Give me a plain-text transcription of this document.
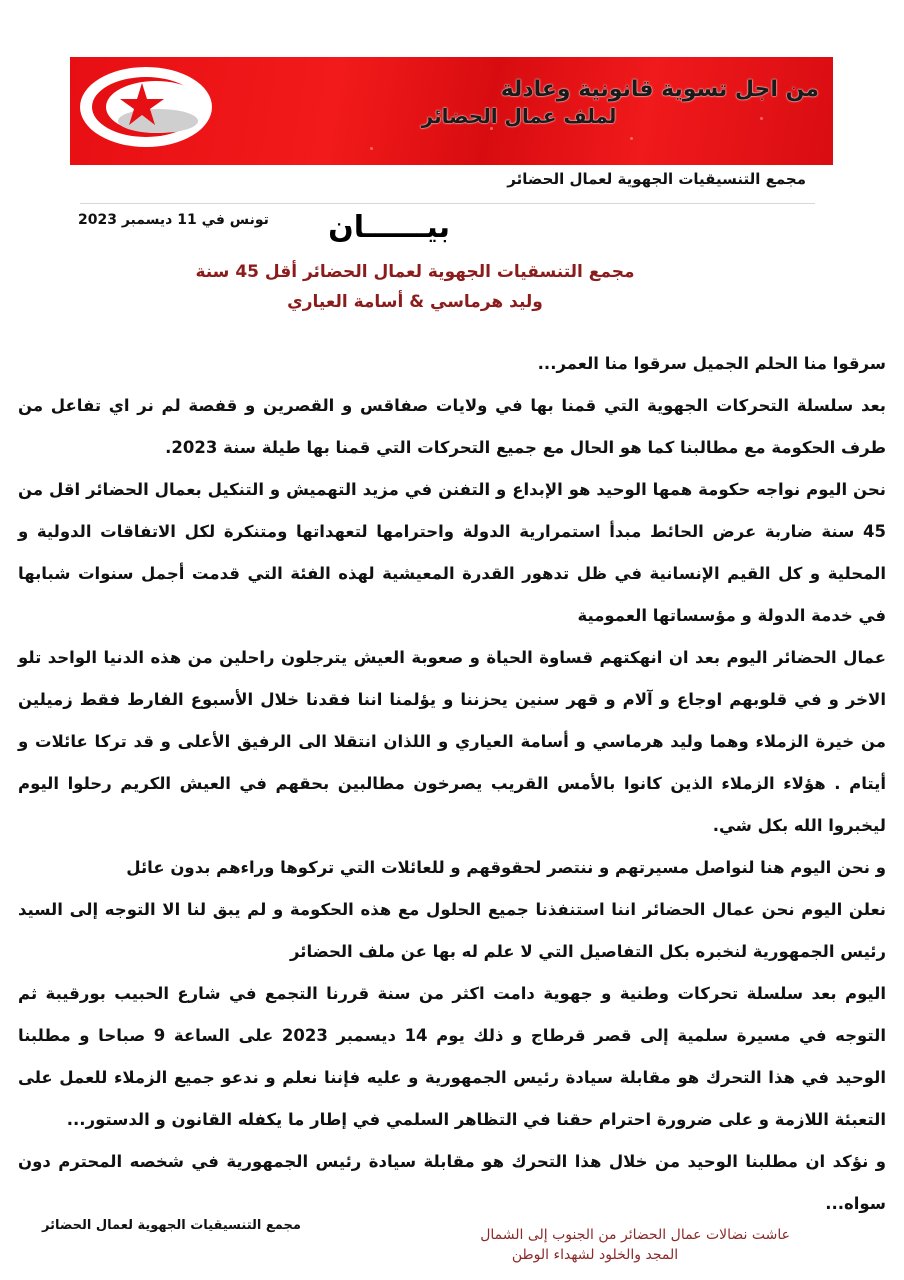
من اجل تسوية قانونية وعادلة
لملف عمال الحضائر
مجمع التنسيقيات الجهوية لعمال الحضائر
تونس في 11 ديسمبر 2023 بيــــــان
مجمع التنسقيات الجهوية لعمال الحضائر أقل 45 سنة
وليد هرماسي & أسامة العياري

سرقوا منا الحلم الجميل سرقوا منا العمر...

بعد سلسلة التحركات الجهوية التي قمنا بها في ولايات صفاقس و القصرين و قفصة لم نر اي تفاعل من طرف الحكومة مع مطالبنا كما هو الحال مع جميع التحركات التي قمنا بها طيلة سنة 2023.

نحن اليوم نواجه حكومة همها الوحيد هو الإبداع و التفنن في مزيد التهميش و التنكيل بعمال الحضائر اقل من 45 سنة ضاربة عرض الحائط مبدأ استمرارية الدولة واحترامها لتعهداتها ومتنكرة لكل الاتفاقات الدولية و المحلية و كل القيم الإنسانية في ظل تدهور القدرة المعيشية لهذه الفئة التي قدمت أجمل سنوات شبابها في خدمة الدولة و مؤسساتها العمومية

عمال الحضائر اليوم بعد ان انهكتهم قساوة الحياة و صعوبة العيش يترجلون راحلين من هذه الدنيا الواحد تلو الاخر و في قلوبهم اوجاع و آلام و قهر سنين يحزننا و يؤلمنا اننا فقدنا خلال الأسبوع الفارط فقط زميلين من خيرة الزملاء وهما وليد هرماسي و أسامة العياري و اللذان انتقلا الى الرفيق الأعلى و قد تركا عائلات و أيتام . هؤلاء الزملاء الذين كانوا بالأمس القريب يصرخون مطالبين بحقهم في العيش الكريم رحلوا اليوم ليخبروا الله بكل شي.

و نحن اليوم هنا لنواصل مسيرتهم و ننتصر لحقوقهم و للعائلات التي تركوها وراءهم بدون عائل

نعلن اليوم نحن عمال الحضائر اننا استنفذنا جميع الحلول مع هذه الحكومة و لم يبق لنا الا التوجه إلى السيد رئيس الجمهورية لنخبره بكل التفاصيل التي لا علم له بها عن ملف الحضائر

اليوم بعد سلسلة تحركات وطنية و جهوية دامت اكثر من سنة قررنا التجمع في شارع الحبيب بورقيبة ثم التوجه في مسيرة سلمية إلى قصر قرطاج و ذلك يوم 14 ديسمبر 2023 على الساعة 9 صباحا و مطلبنا الوحيد في هذا التحرك هو مقابلة سيادة رئيس الجمهورية و عليه فإننا نعلم و ندعو جميع الزملاء للعمل على التعبئة اللازمة و على ضرورة احترام حقنا في التظاهر السلمي في إطار ما يكفله القانون و الدستور...

و نؤكد ان مطلبنا الوحيد من خلال هذا التحرك هو مقابلة سيادة رئيس الجمهورية في شخصه المحترم دون سواه...

مجمع التنسيقيات الجهوية لعمال الحضائر
عاشت نضالات عمال الحضائر من الجنوب إلى الشمال
المجد والخلود لشهداء الوطن
